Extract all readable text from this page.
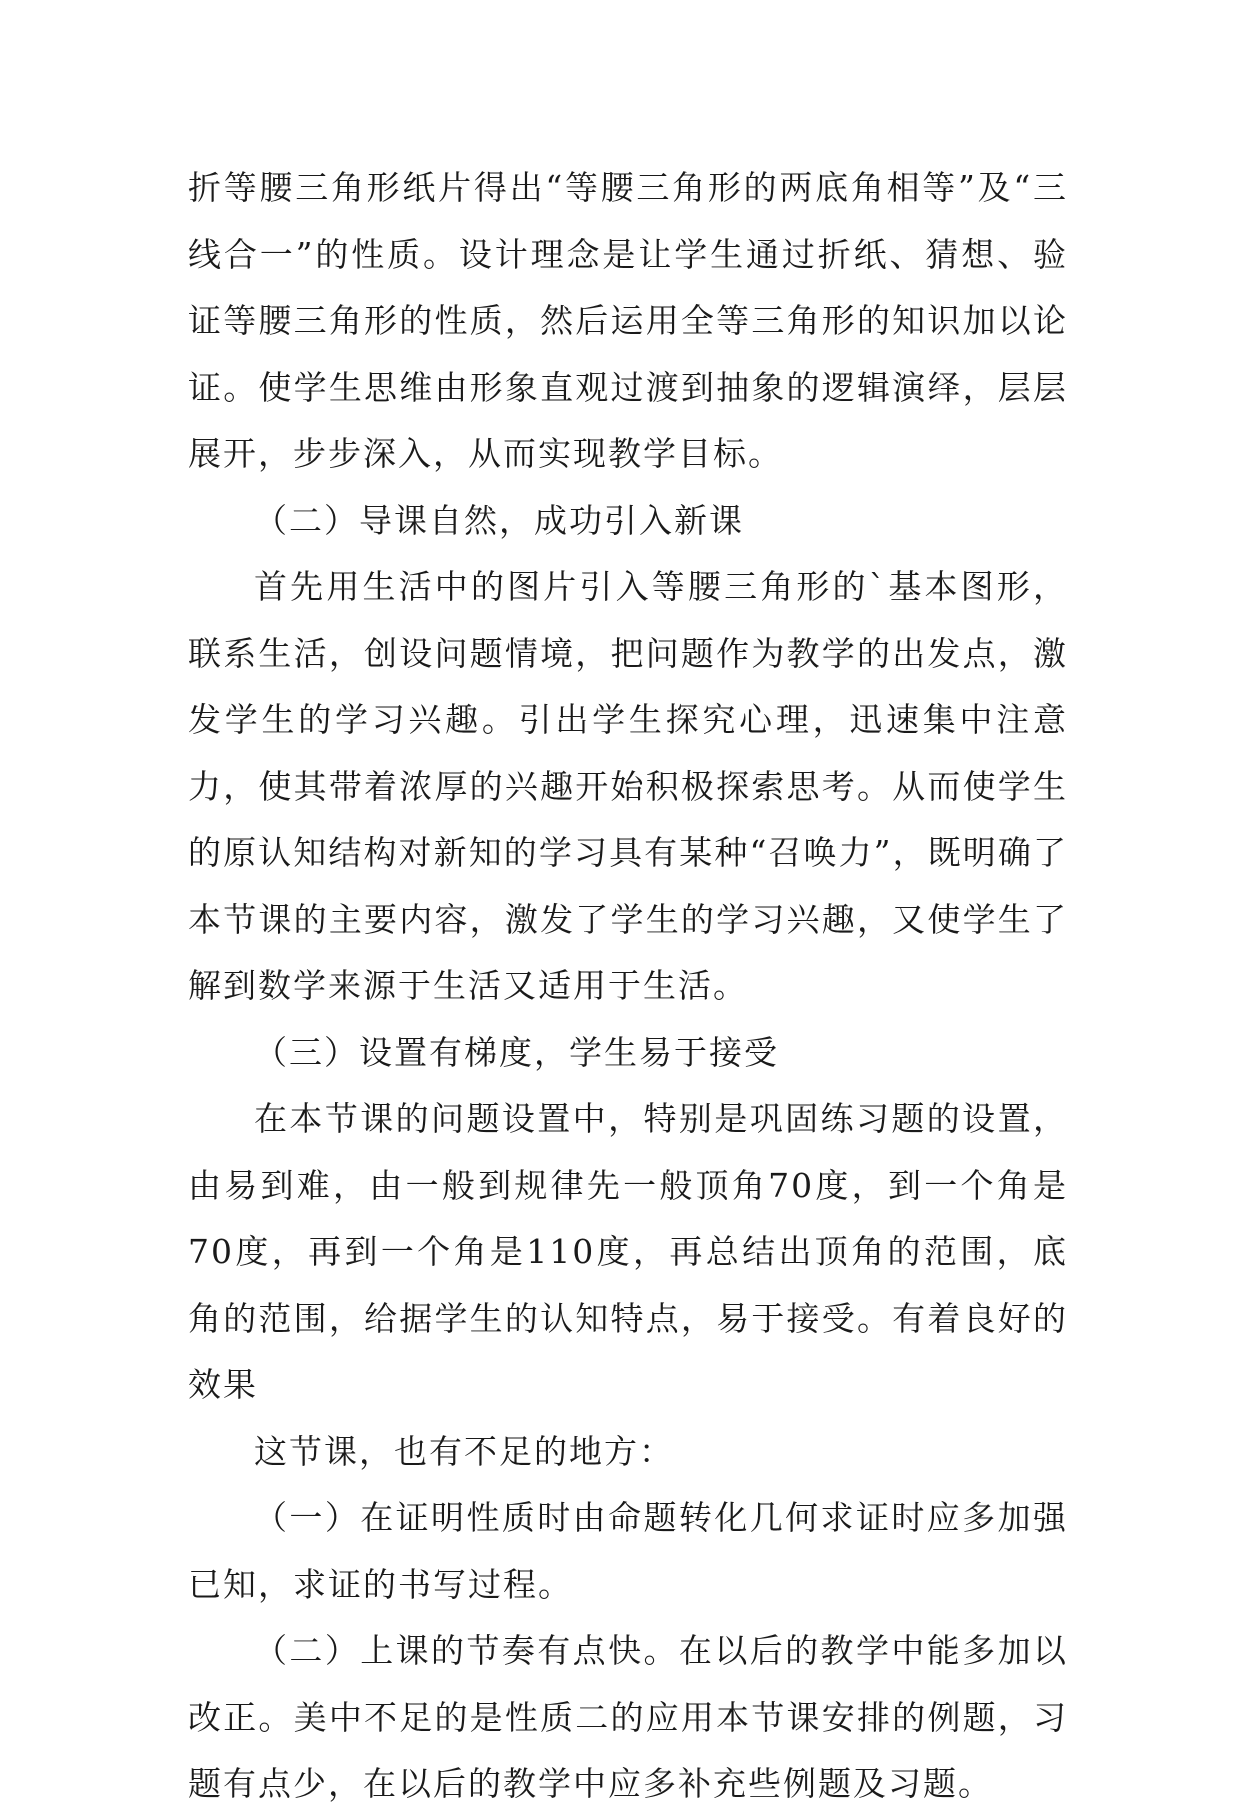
折等腰三角形纸片得出“等腰三角形的两底角相等”及“三线合一”的性质。设计理念是让学生通过折纸、猜想、验证等腰三角形的性质，然后运用全等三角形的知识加以论证。使学生思维由形象直观过渡到抽象的逻辑演绎，层层展开，步步深入，从而实现教学目标。

（二）导课自然，成功引入新课

首先用生活中的图片引入等腰三角形的`基本图形，联系生活，创设问题情境，把问题作为教学的出发点，激发学生的学习兴趣。引出学生探究心理，迅速集中注意力，使其带着浓厚的兴趣开始积极探索思考。从而使学生的原认知结构对新知的学习具有某种“召唤力”，既明确了本节课的主要内容，激发了学生的学习兴趣，又使学生了解到数学来源于生活又适用于生活。

（三）设置有梯度，学生易于接受

在本节课的问题设置中，特别是巩固练习题的设置，由易到难，由一般到规律先一般顶角70度，到一个角是70度，再到一个角是110度，再总结出顶角的范围，底角的范围，给据学生的认知特点，易于接受。有着良好的效果

这节课，也有不足的地方：

（一）在证明性质时由命题转化几何求证时应多加强已知，求证的书写过程。

（二）上课的节奏有点快。在以后的教学中能多加以改正。美中不足的是性质二的应用本节课安排的例题，习题有点少，在以后的教学中应多补充些例题及习题。
